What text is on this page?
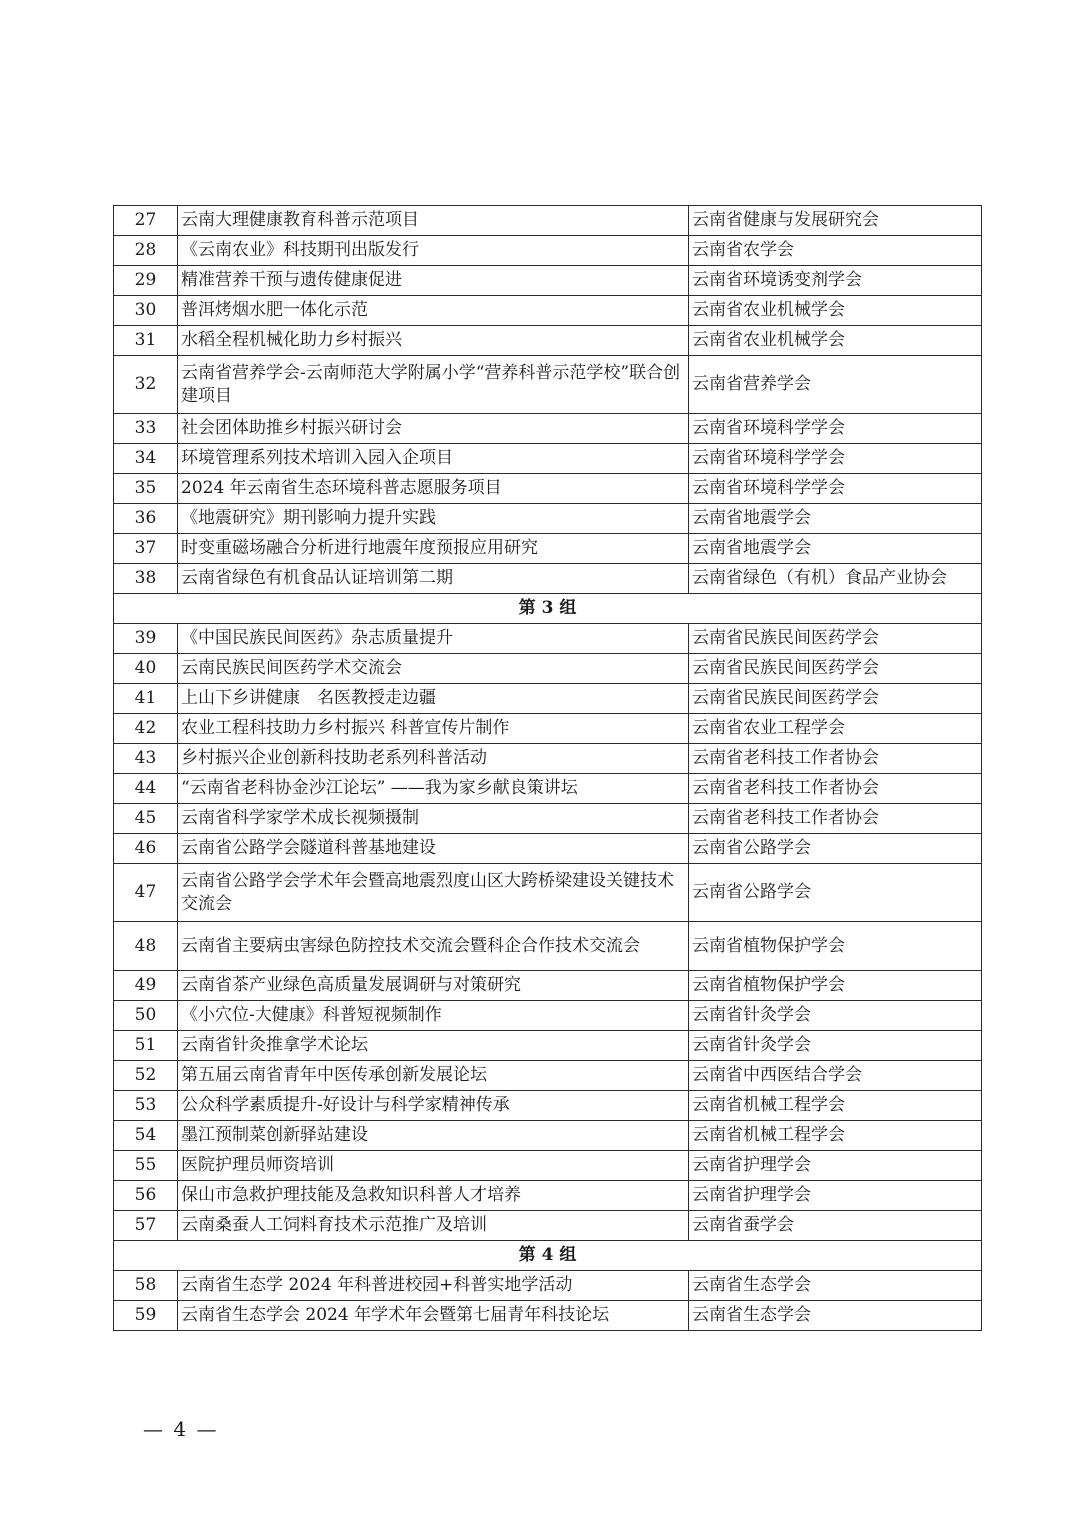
27	云南大理健康教育科普示范项目	云南省健康与发展研究会
28	《云南农业》科技期刊出版发行	云南省农学会
29	精准营养干预与遗传健康促进	云南省环境诱变剂学会
30	普洱烤烟水肥一体化示范	云南省农业机械学会
31	水稻全程机械化助力乡村振兴	云南省农业机械学会
32	云南省营养学会-云南师范大学附属小学“营养科普示范学校”联合创建项目	云南省营养学会
33	社会团体助推乡村振兴研讨会	云南省环境科学学会
34	环境管理系列技术培训入园入企项目	云南省环境科学学会
35	2024 年云南省生态环境科普志愿服务项目	云南省环境科学学会
36	《地震研究》期刊影响力提升实践	云南省地震学会
37	时变重磁场融合分析进行地震年度预报应用研究	云南省地震学会
38	云南省绿色有机食品认证培训第二期	云南省绿色（有机）食品产业协会
第 3 组		
39	《中国民族民间医药》杂志质量提升	云南省民族民间医药学会
40	云南民族民间医药学术交流会	云南省民族民间医药学会
41	上山下乡讲健康　名医教授走边疆	云南省民族民间医药学会
42	农业工程科技助力乡村振兴 科普宣传片制作	云南省农业工程学会
43	乡村振兴企业创新科技助老系列科普活动	云南省老科技工作者协会
44	“云南省老科协金沙江论坛” ——我为家乡献良策讲坛	云南省老科技工作者协会
45	云南省科学家学术成长视频摄制	云南省老科技工作者协会
46	云南省公路学会隧道科普基地建设	云南省公路学会
47	云南省公路学会学术年会暨高地震烈度山区大跨桥梁建设关键技术交流会	云南省公路学会
48	云南省主要病虫害绿色防控技术交流会暨科企合作技术交流会	云南省植物保护学会
49	云南省茶产业绿色高质量发展调研与对策研究	云南省植物保护学会
50	《小穴位-大健康》科普短视频制作	云南省针灸学会
51	云南省针灸推拿学术论坛	云南省针灸学会
52	第五届云南省青年中医传承创新发展论坛	云南省中西医结合学会
53	公众科学素质提升-好设计与科学家精神传承	云南省机械工程学会
54	墨江预制菜创新驿站建设	云南省机械工程学会
55	医院护理员师资培训	云南省护理学会
56	保山市急救护理技能及急救知识科普人才培养	云南省护理学会
57	云南桑蚕人工饲料育技术示范推广及培训	云南省蚕学会
第 4 组		
58	云南省生态学 2024 年科普进校园+科普实地学活动	云南省生态学会
59	云南省生态学会 2024 年学术年会暨第七届青年科技论坛	云南省生态学会
— 4 —
